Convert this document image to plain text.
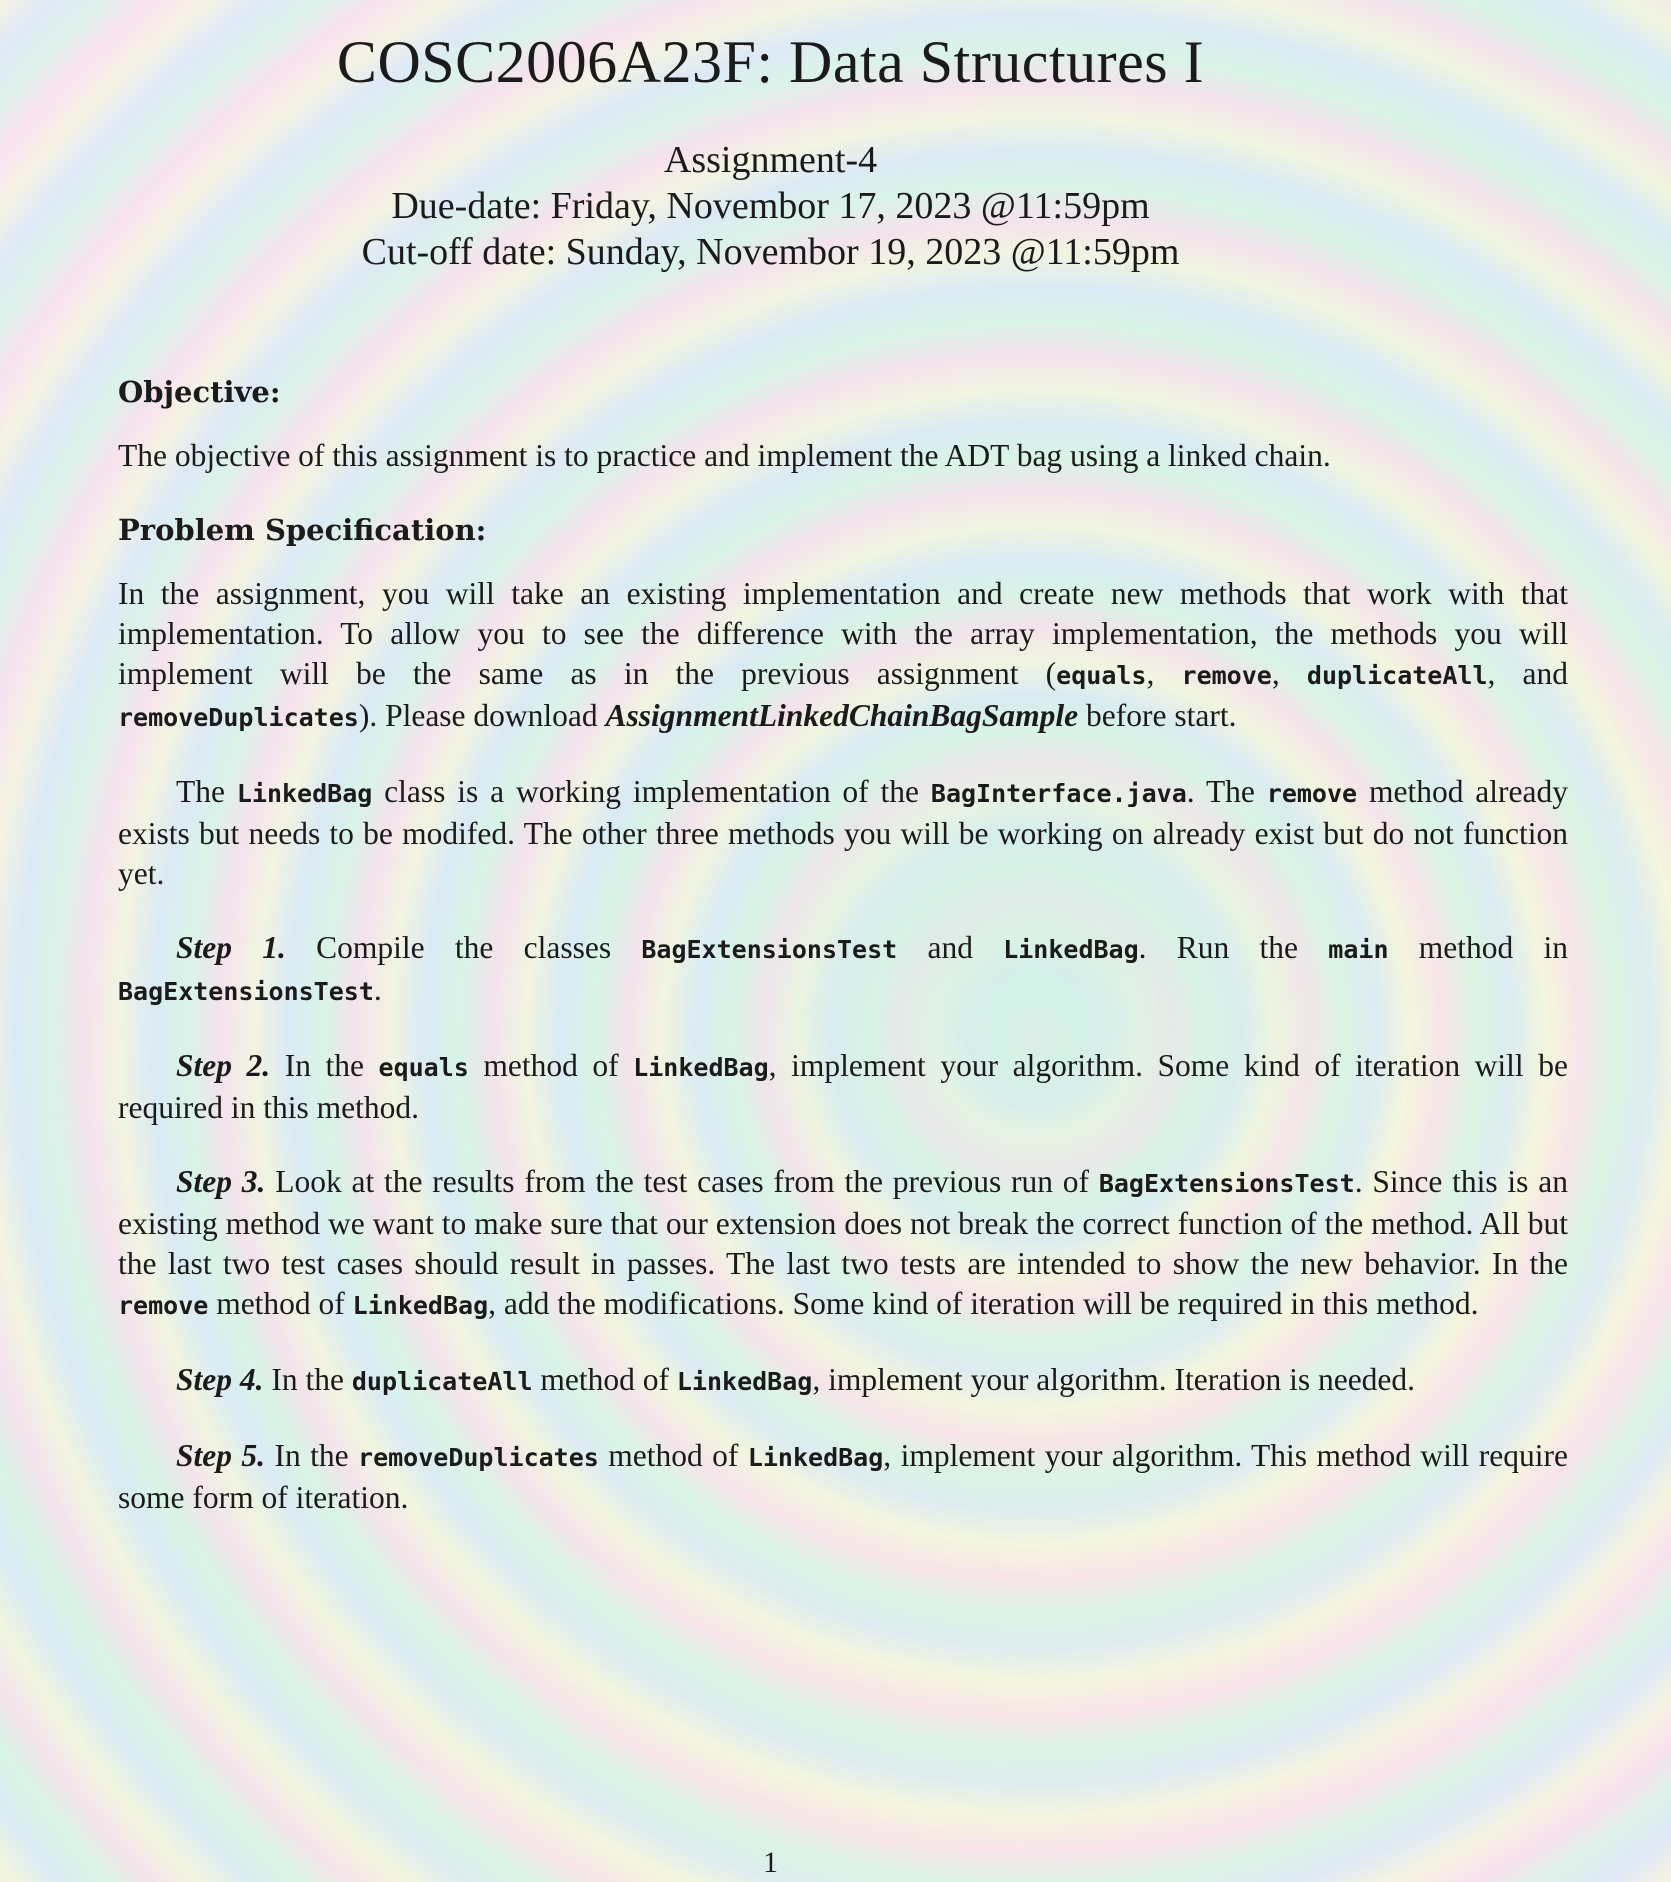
COSC2006A23F: Data Structures I
Assignment-4
Due-date: Friday, Novembor 17, 2023 @11:59pm
Cut-off date: Sunday, Novembor 19, 2023 @11:59pm
Objective:

The objective of this assignment is to practice and implement the ADT bag using a linked chain.

Problem Specification:

In the assignment, you will take an existing implementation and create new methods that work with that implementation. To allow you to see the difference with the array implementation, the methods you will implement will be the same as in the previous assignment (equals, remove, duplicateAll, and removeDuplicates). Please download AssignmentLinkedChainBagSample before start.

The LinkedBag class is a working implementation of the BagInterface.java. The remove method already exists but needs to be modifed. The other three methods you will be working on already exist but do not function yet.

Step 1. Compile the classes BagExtensionsTest and LinkedBag. Run the main method in BagExtensionsTest.

Step 2. In the equals method of LinkedBag, implement your algorithm. Some kind of iteration will be required in this method.

Step 3. Look at the results from the test cases from the previous run of BagExtensionsTest. Since this is an existing method we want to make sure that our extension does not break the correct function of the method. All but the last two test cases should result in passes. The last two tests are intended to show the new behavior. In the remove method of LinkedBag, add the modifications. Some kind of iteration will be required in this method.

Step 4. In the duplicateAll method of LinkedBag, implement your algorithm. Iteration is needed.

Step 5. In the removeDuplicates method of LinkedBag, implement your algorithm. This method will require some form of iteration.

1
